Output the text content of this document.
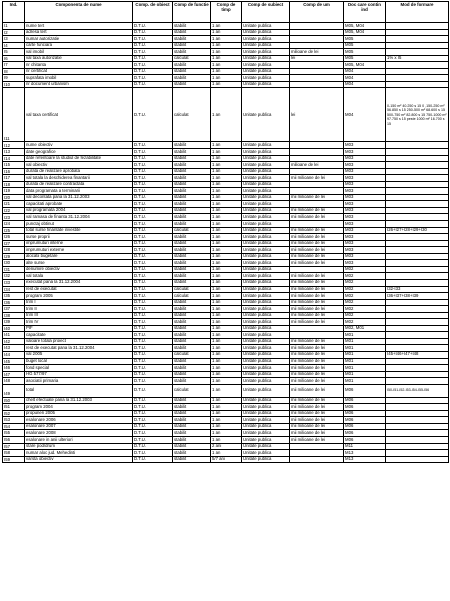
Ind.	Componenta de nume	Comp. de obiect	Comp de functie	Comp de timp	Comp de subiect	Comp de um	Doc care contin ind	Mod de formare
I1	nume tert	D.T.U.	stabilit	1 an	Unitate publica		M05, M04	
I2	adresa tert	D.T.U.	stabilit	1 an	Unitate publica		M05, M04	
I3	numar autorizatie	D.T.U.	stabilit	1 an	Unitate publica		M05	
I4	carte funciara	D.T.U.	stabilit	1 an	Unitate publica		M05	
I5	val imobil	D.T.U.	stabilit	1 an	Unitate publica	milioane de lei	M05	
I6	val taxa autorizatie	D.T.U.	calculat	1 an	Unitate publica	lei	M05	1% x I5
I7	nr chitanta	D.T.U.	stabilit	1 an	Unitate publica		M05, M04	
I8	nr certificat	D.T.U.	stabilit	1 an	Unitate publica		M04	
I9	suprafata imobil	D.T.U.	stabilit	1 an	Unitate publica		M04	
I10	nr document urbanism	D.T.U.	stabilit	1 an	Unitate publica		M04	
I11	val taxa certificat	D.T.U.	calculat	1 an	Unitate publica	lei	M04	0-150 m² 40.250 s 15 0 ,150-250 m² 56.850 s 15 250-500 m² 68.600 s 15 500-750 m² 82.800 s 15 750-1000 m² 97.750 s 15 peste 1000 m² 16.700 s 15
I12	nume obiectiv	D.T.U.	stabilit	1 an	Unitate publica		M03	
I13	date geografice	D.T.U.	stabilit	1 an	Unitate publica		M03	
I14	date referitoare la studiul de fezabilitate	D.T.U.	stabilit	1 an	Unitate publica		M03	
I15	val obiectiv	D.T.U.	stabilit	1 an	Unitate publica	milioane de lei	M03	
I16	durata de realizare aprobata	D.T.U.	stabilit	1 an	Unitate publica		M03	
I17	val totala la deschiderea finantarii	D.T.U.	stabilit	1 an	Unitate publica	mii milioane de lei	M03	
I18	durata de realizare contractata	D.T.U.	stabilit	1 an	Unitate publica		M03	
I19	data programata a terminarii	D.T.U.	stabilit	1 an	Unitate publica		M03	
I20	val decontata pana la 31.12.2003	D.T.U.	stabilit	1 an	Unitate publica	mii milioane de lei	M03	
I21	capacitati aprobate	D.T.U.	stabilit	1 an	Unitate publica		M03	
I22	val programata 2004	D.T.U.	stabilit	1 an	Unitate publica	mii milioane de lei	M03	
I23	val ramasa de finanta 31.12.2004	D.T.U.	stabilit	1 an	Unitate publica	mii milioane de lei	M03	
I24	punctaj obtinut	D.T.U.	stabilit	1 an	Unitate publica		M03	
I25	total surse finantate investite	D.T.U.	calculat	1 an	Unitate publica	mii milioane de lei	M03	I26+I27+I28+I29+I30
I26	surse proprii	D.T.U.	stabilit	1 an	Unitate publica	mii milioane de lei	M03	
I27	imprumuturi interne	D.T.U.	stabilit	1 an	Unitate publica	mii milioane de lei	M03	
I28	imprumuturi externe	D.T.U.	stabilit	1 an	Unitate publica	mii milioane de lei	M03	
I29	alocatii bugetare	D.T.U.	stabilit	1 an	Unitate publica	mii milioane de lei	M03	
I30	alte surse	D.T.U.	stabilit	1 an	Unitate publica	mii milioane de lei	M03	
I31	denumire obiectiv	D.T.U.	stabilit	1 an	Unitate publica		M02	
I32	val totala	D.T.U.	stabilit	1 an	Unitate publica	mii milioane de lei	M02	
I33	executat pana la 31.12.2004	D.T.U.	stabilit	1 an	Unitate publica	mii milioane de lei	M02	
I34	rest de executat	D.T.U.	calculat	1 an	Unitate publica	mii milioane de lei	M02	I32-I33
I35	program 2005	D.T.U.	calculat	1 an	Unitate publica	mii milioane de lei	M02	I36+I37+I38+I39
I36	trim I	D.T.U.	stabilit	1 an	Unitate publica	mii milioane de lei	M02	
I37	trim II	D.T.U.	stabilit	1 an	Unitate publica	mii milioane de lei	M02	
I38	trim III	D.T.U.	stabilit	1 an	Unitate publica	mii milioane de lei	M02	
I39	trim IV	D.T.U.	stabilit	1 an	Unitate publica	mii milioane de lei	M02	
I40	PIF	D.T.U.	stabilit	1 an	Unitate publica		M02, M01	
I41	capacitate	D.T.U.	stabilit	1 an	Unitate publica		M01	
I42	valoare totala proiect	D.T.U.	stabilit	1 an	Unitate publica	mii milioane de lei	M01	
I43	rest de executat pana la 31.12.2004	D.T.U.	stabilit	1 an	Unitate publica	mii milioane de lei	M01	
I44	val 2005	D.T.U.	calculat	1 an	Unitate publica	mii milioane de lei	M01	I45+I46+I47+I48
I45	buget local	D.T.U.	stabilit	1 an	Unitate publica	mii milioane de lei	M01	
I46	fond special	D.T.U.	stabilit	1 an	Unitate publica	mii milioane de lei	M01	
I47	HG 577/97	D.T.U.	stabilit	1 an	Unitate publica	mii milioane de lei	M01	
I48	asociatii primaria	D.T.U.	stabilit	1 an	Unitate publica	mii milioane de lei	M01	
I49	total	D.T.U.	calculat	1 an	Unitate publica	mii milioane de lei	M06	I50-I51-I52-I53-I54-I55-I56
I50	chelt efectuate pana la 31.12.2003	D.T.U.	stabilit	1 an	Unitate publica	mii milioane de lei	M06	
I51	program 2004	D.T.U.	stabilit	1 an	Unitate publica	mii milioane de lei	M06	
I52	propuneri 2005	D.T.U.	stabilit	1 an	Unitate publica	mii milioane de lei	M06	
I53	esalonare 2006	D.T.U.	stabilit	1 an	Unitate publica	mii milioane de lei	M06	
I54	esalonare 2007	D.T.U.	stabilit	1 an	Unitate publica	mii milioane de lei	M06	
I55	esalonare 2008	D.T.U.	stabilit	1 an	Unitate publica	mii milioane de lei	M06	
I56	esalonare in anii ulteriori	D.T.U.	stabilit	1 an	Unitate publica	mii milioane de lei	M06	
I57	stare pod/drum	D.T.U.	stabilit	2 ani	Unitate publica		M11	
I58	numar aloc jud. Mehedinti	D.T.U.	stabilit	1 an	Unitate publica		M13	
I59	varsta obiectiv	D.T.U.	stabilit	5/7 ani	Unitate publica		M13	
